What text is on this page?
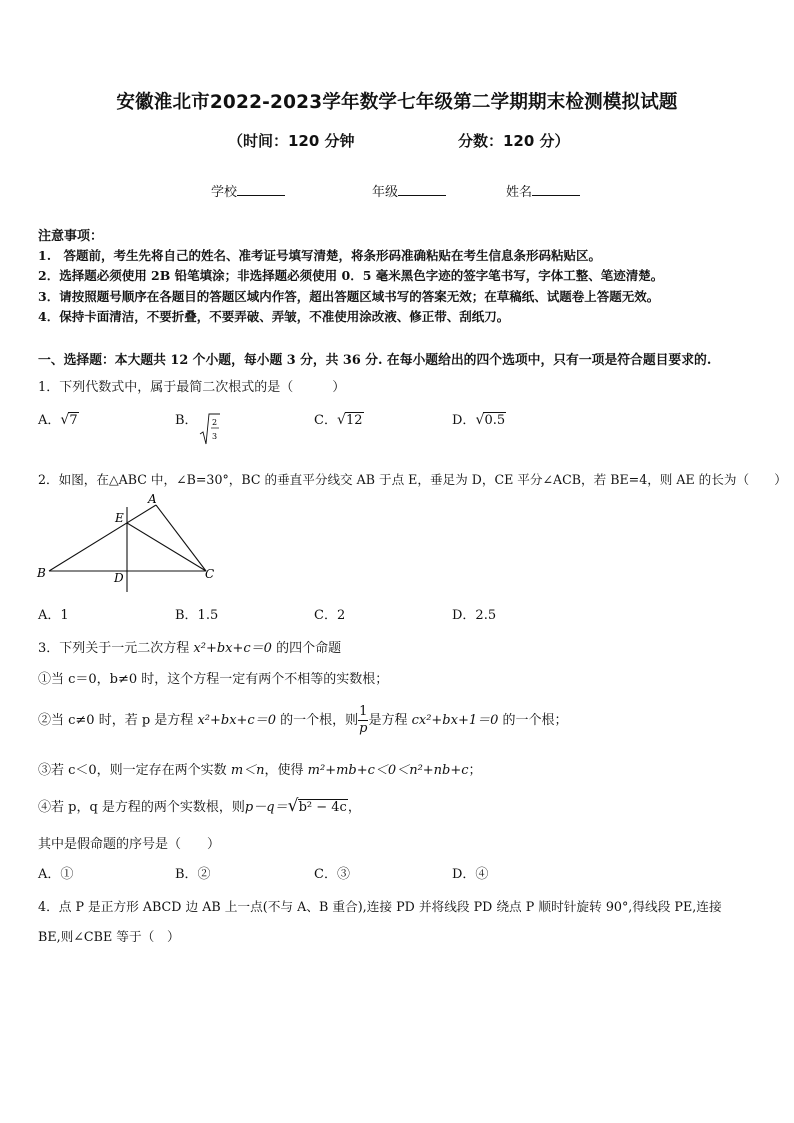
安徽淮北市2022-2023学年数学七年级第二学期期末检测模拟试题
（时间：120 分钟	分数：120 分）
学校	年级	姓名
注意事项：
1.　答题前，考生先将自己的姓名、准考证号填写清楚，将条形码准确粘贴在考生信息条形码粘贴区。
2．选择题必须使用 2B 铅笔填涂；非选择题必须使用 0．5 毫米黑色字迹的签字笔书写，字体工整、笔迹清楚。
3．请按照题号顺序在各题目的答题区域内作答，超出答题区域书写的答案无效；在草稿纸、试题卷上答题无效。
4．保持卡面清洁，不要折叠，不要弄破、弄皱，不准使用涂改液、修正带、刮纸刀。
一、选择题：本大题共 12 个小题，每小题 3 分，共 36 分. 在每小题给出的四个选项中，只有一项是符合题目要求的.
1．下列代数式中，属于最简二次根式的是（　　　）
A． √ 7	B． 2
3
C． √ 12	D． √ 0.5
2．如图，在△ABC 中，∠B=30°，BC 的垂直平分线交 AB 于点 E，垂足为 D，CE 平分∠ACB，若 BE=4，则 AE 的长为（　　）
A
E
B	D	C
A．1	B．1.5	C．2	D．2.5
3．下列关于一元二次方程 x²+bx+c＝0 的四个命题
①当 c＝0，b≠0 时，这个方程一定有两个不相等的实数根；
②当 c≠0 时，若 p 是方程 x²+bx+c＝0 的一个根，则 $\frac{1}{p}$ 是方程 cx²+bx+1＝0 的一个根；
③若 c＜0，则一定存在两个实数 m＜n，使得 m²+mb+c＜0＜n²+nb+c；
④若 p，q 是方程的两个实数根，则p－q＝ √ b² − 4c，
其中是假命题的序号是（　　）
A．①	B．②	C．③	D．④
4．点 P 是正方形 ABCD 边 AB 上一点(不与 A、B 重合),连接 PD 并将线段 PD 绕点 P 顺时针旋转 90°,得线段 PE,连接
BE,则∠CBE 等于（　）
